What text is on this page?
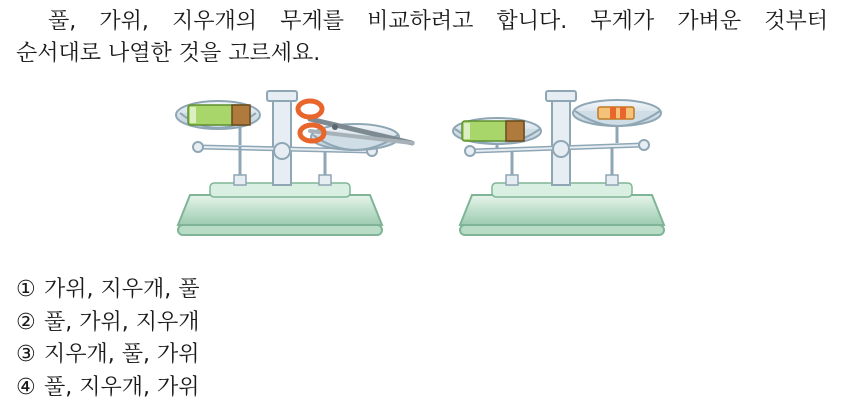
풀, 가위, 지우개의 무게를 비교하려고 합니다. 무게가 가벼운 것부터
순서대로 나열한 것을 고르세요.

① 가위, 지우개, 풀
② 풀, 가위, 지우개
③ 지우개, 풀, 가위
④ 풀, 지우개, 가위
